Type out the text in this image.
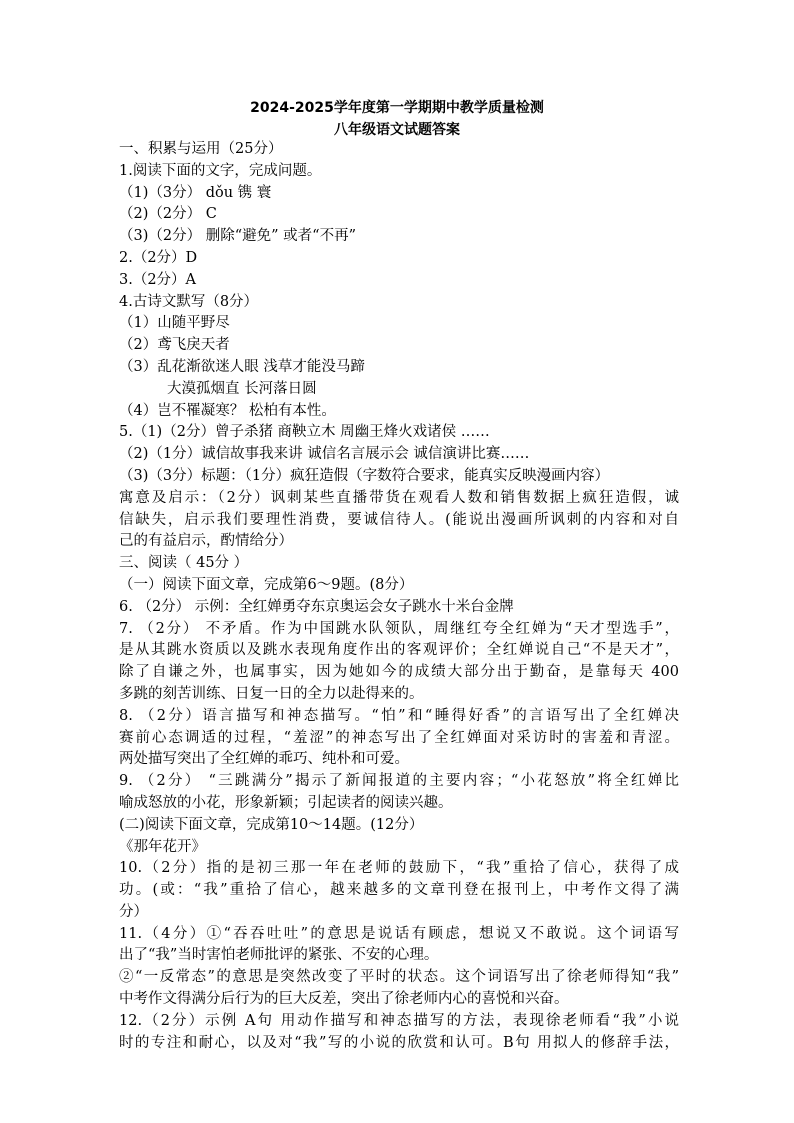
2024-2025学年度第一学期期中教学质量检测
八年级语文试题答案
一、积累与运用（25分）
1.阅读下面的文字，完成问题。
（1)（3分） dǒu 镌 寰
（2)（2分） C
（3)（2分） 删除“避免” 或者“不再”
2.（2分）D
3.（2分）A
4.古诗文默写（8分）
（1）山随平野尽
（2）鸢飞戾天者
（3）乱花渐欲迷人眼 浅草才能没马蹄
大漠孤烟直 长河落日圆
（4）岂不罹凝寒？ 松柏有本性。
5.（1)（2分）曾子杀猪 商鞅立木 周幽王烽火戏诸侯 ……
（2)（1分）诚信故事我来讲 诚信名言展示会 诚信演讲比赛……
（3)（3分）标题：（1分）疯狂造假（字数符合要求，能真实反映漫画内容）
寓意及启示：（2分）讽刺某些直播带货在观看人数和销售数据上疯狂造假，诚
信缺失，启示我们要理性消费，要诚信待人。(能说出漫画所讽刺的内容和对自
己的有益启示，酌情给分）
三、阅读（ 45分 ）
（一）阅读下面文章，完成第6～9题。(8分）
6. （2分） 示例：全红婵勇夺东京奥运会女子跳水十米台金牌
7. （2分） 不矛盾。作为中国跳水队领队，周继红夸全红婵为“天才型选手”，
是从其跳水资质以及跳水表现角度作出的客观评价；全红婵说自己“不是天才”，
除了自谦之外，也属事实，因为她如今的成绩大部分出于勤奋，是靠每天 400
多跳的刻苦训练、日复一日的全力以赴得来的。
8. （2分）语言描写和神态描写。“怕”和“睡得好香”的言语写出了全红婵决
赛前心态调适的过程，“羞涩”的神态写出了全红婵面对采访时的害羞和青涩。
两处描写突出了全红婵的乖巧、纯朴和可爱。
9. （2分） “三跳满分”揭示了新闻报道的主要内容；“小花怒放”将全红婵比
喻成怒放的小花，形象新颖；引起读者的阅读兴趣。
(二)阅读下面文章，完成第10～14题。(12分）
《那年花开》
10.（2分）指的是初三那一年在老师的鼓励下，“我”重拾了信心，获得了成
功。(或：“我”重拾了信心，越来越多的文章刊登在报刊上，中考作文得了满
分）
11.（4分）①“吞吞吐吐”的意思是说话有顾虑，想说又不敢说。这个词语写
出了“我”当时害怕老师批评的紧张、不安的心理。
②“一反常态”的意思是突然改变了平时的状态。这个词语写出了徐老师得知“我”
中考作文得满分后行为的巨大反差，突出了徐老师内心的喜悦和兴奋。
12.（2分）示例 A句 用动作描写和神态描写的方法，表现徐老师看“我”小说
时的专注和耐心，以及对“我”写的小说的欣赏和认可。B句 用拟人的修辞手法，
